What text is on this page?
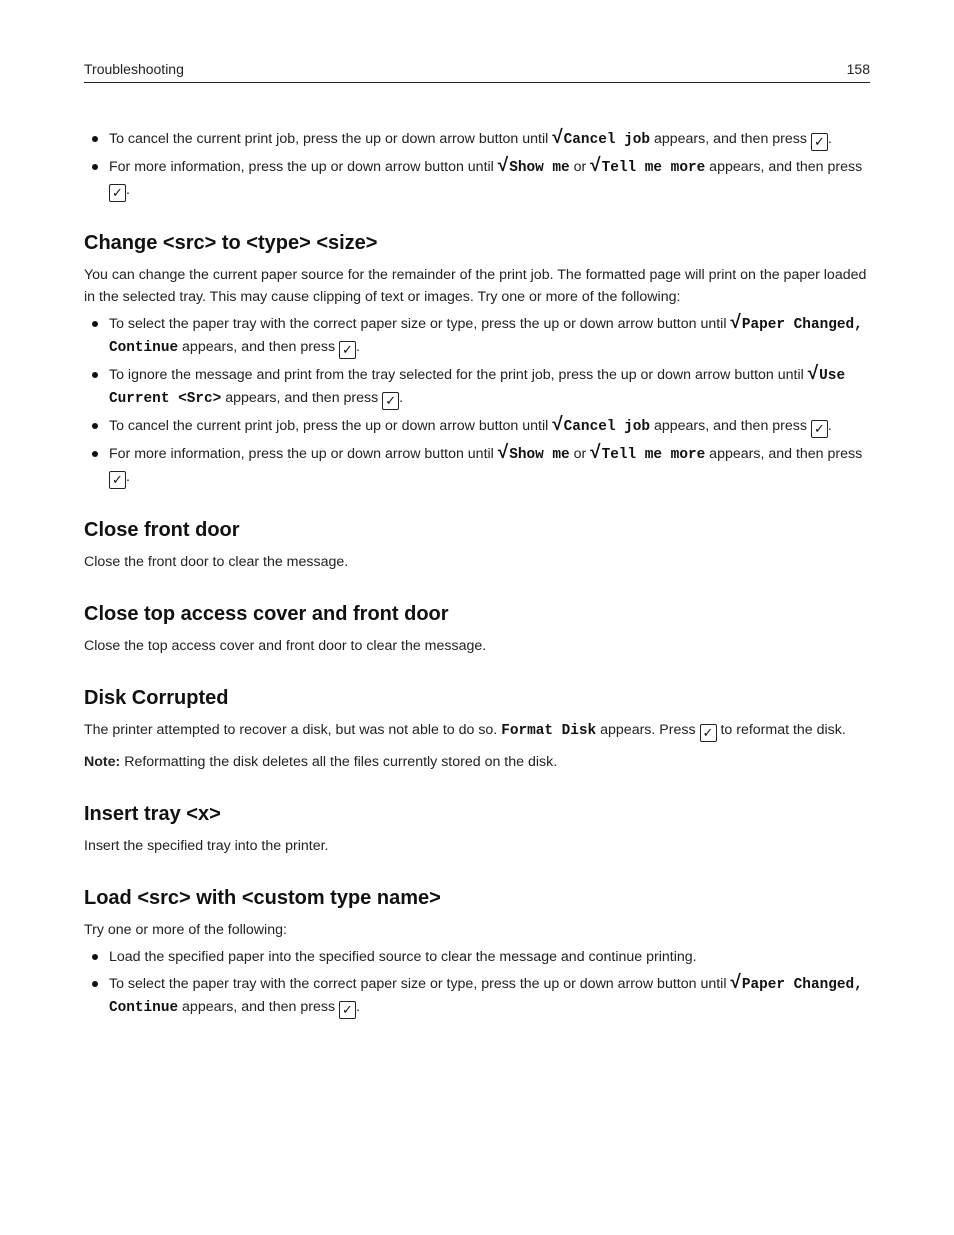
Troubleshooting	158
To cancel the current print job, press the up or down arrow button until √Cancel job appears, and then press ✓ .
For more information, press the up or down arrow button until √Show me or √Tell me more appears, and then press ✓ .
Change <src> to <type> <size>

You can change the current paper source for the remainder of the print job. The formatted page will print on the paper loaded in the selected tray. This may cause clipping of text or images. Try one or more of the following:

To select the paper tray with the correct paper size or type, press the up or down arrow button until √Paper Changed, Continue appears, and then press ✓ .
To ignore the message and print from the tray selected for the print job, press the up or down arrow button until √Use Current <Src> appears, and then press ✓ .
To cancel the current print job, press the up or down arrow button until √Cancel job appears, and then press ✓ .
For more information, press the up or down arrow button until √Show me or √Tell me more appears, and then press ✓ .
Close front door

Close the front door to clear the message.

Close top access cover and front door

Close the top access cover and front door to clear the message.

Disk Corrupted

The printer attempted to recover a disk, but was not able to do so. Format Disk appears. Press ✓ to reformat the disk.

Note: Reformatting the disk deletes all the files currently stored on the disk.

Insert tray <x>

Insert the specified tray into the printer.

Load <src> with <custom type name>

Try one or more of the following:

Load the specified paper into the specified source to clear the message and continue printing.
To select the paper tray with the correct paper size or type, press the up or down arrow button until √Paper Changed, Continue appears, and then press ✓ .
